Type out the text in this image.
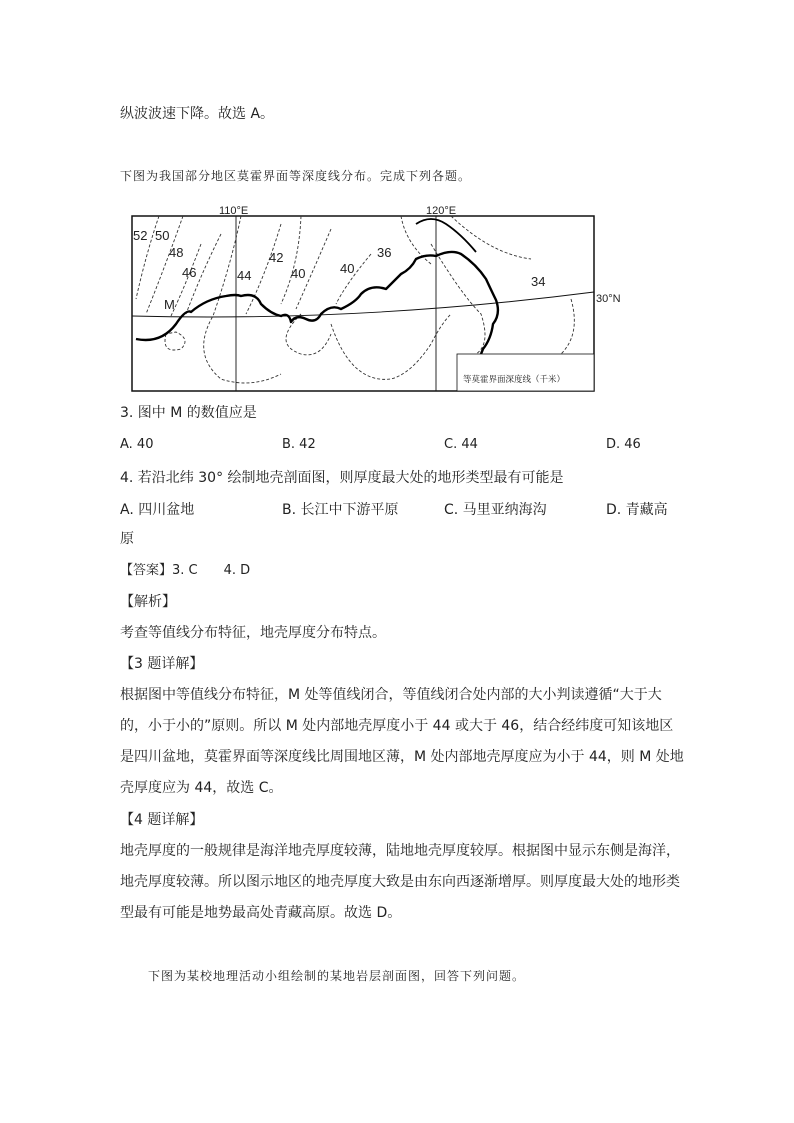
纵波波速下降。故选 A。
下图为我国部分地区莫霍界面等深度线分布。完成下列各题。
52 50
48
46	44
42
40	40
36
34
M
110°E	120°E
30°N
等莫霍界面深度线（千米）
3. 图中 M 的数值应是
A. 40	B. 42	C. 44	D. 46
4. 若沿北纬 30° 绘制地壳剖面图，则厚度最大处的地形类型最有可能是
A. 四川盆地	B. 长江中下游平原	C. 马里亚纳海沟	D. 青藏高
原
【答案】3. C　　4. D
【解析】
考查等值线分布特征，地壳厚度分布特点。
【3 题详解】
根据图中等值线分布特征，M 处等值线闭合，等值线闭合处内部的大小判读遵循“大于大
的，小于小的”原则。所以 M 处内部地壳厚度小于 44 或大于 46，结合经纬度可知该地区
是四川盆地，莫霍界面等深度线比周围地区薄，M 处内部地壳厚度应为小于 44，则 M 处地
壳厚度应为 44，故选 C。
【4 题详解】
地壳厚度的一般规律是海洋地壳厚度较薄，陆地地壳厚度较厚。根据图中显示东侧是海洋，
地壳厚度较薄。所以图示地区的地壳厚度大致是由东向西逐渐增厚。则厚度最大处的地形类
型最有可能是地势最高处青藏高原。故选 D。
下图为某校地理活动小组绘制的某地岩层剖面图，回答下列问题。
